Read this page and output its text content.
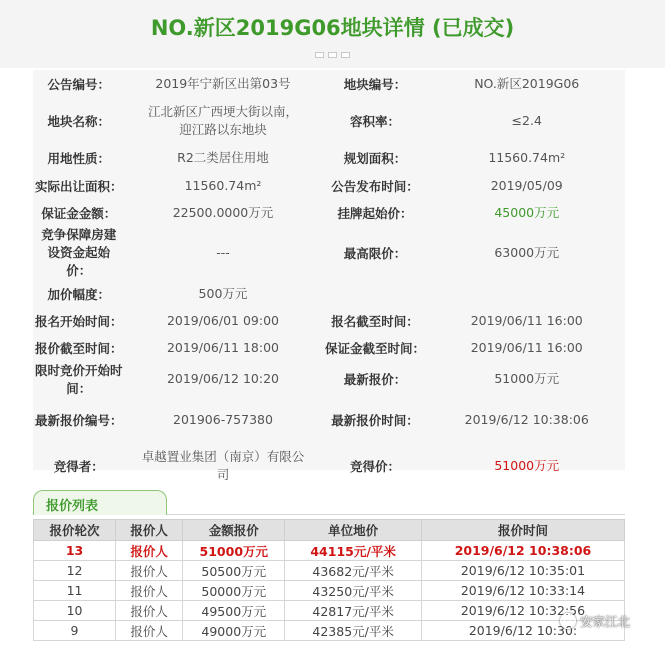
NO.新区2019G06地块详情 (已成交)
公告编号：	2019年宁新区出第03号	地块编号：	NO.新区2019G06
地块名称：	江北新区广西埂大街以南，迎江路以东地块	容积率：	≤2.4
用地性质：	R2二类居住用地	规划面积：	11560.74m²
实际出让面积：	11560.74m²	公告发布时间：	2019/05/09
保证金金额：	22500.0000万元	挂牌起始价：	45000万元
竞争保障房建设资金起始价：	---	最高限价：	63000万元
加价幅度：	500万元		
报名开始时间：	2019/06/01 09:00	报名截至时间：	2019/06/11 16:00
报价截至时间：	2019/06/11 18:00	保证金截至时间：	2019/06/11 16:00
限时竞价开始时间：	2019/06/12 10:20	最新报价：	51000万元
最新报价编号：	201906-757380	最新报价时间：	2019/6/12 10:38:06
竞得者：	卓越置业集团（南京）有限公司	竞得价：	51000万元
报价列表
报价轮次	报价人	金额报价	单位地价	报价时间
13	报价人	51000万元	44115元/平米	2019/6/12 10:38:06
12	报价人	50500万元	43682元/平米	2019/6/12 10:35:01
11	报价人	50000万元	43250元/平米	2019/6/12 10:33:14
10	报价人	49500万元	42817元/平米	2019/6/12 10:32:56
9	报价人	49000万元	42385元/平米	2019/6/12 10:30:
安家江北
